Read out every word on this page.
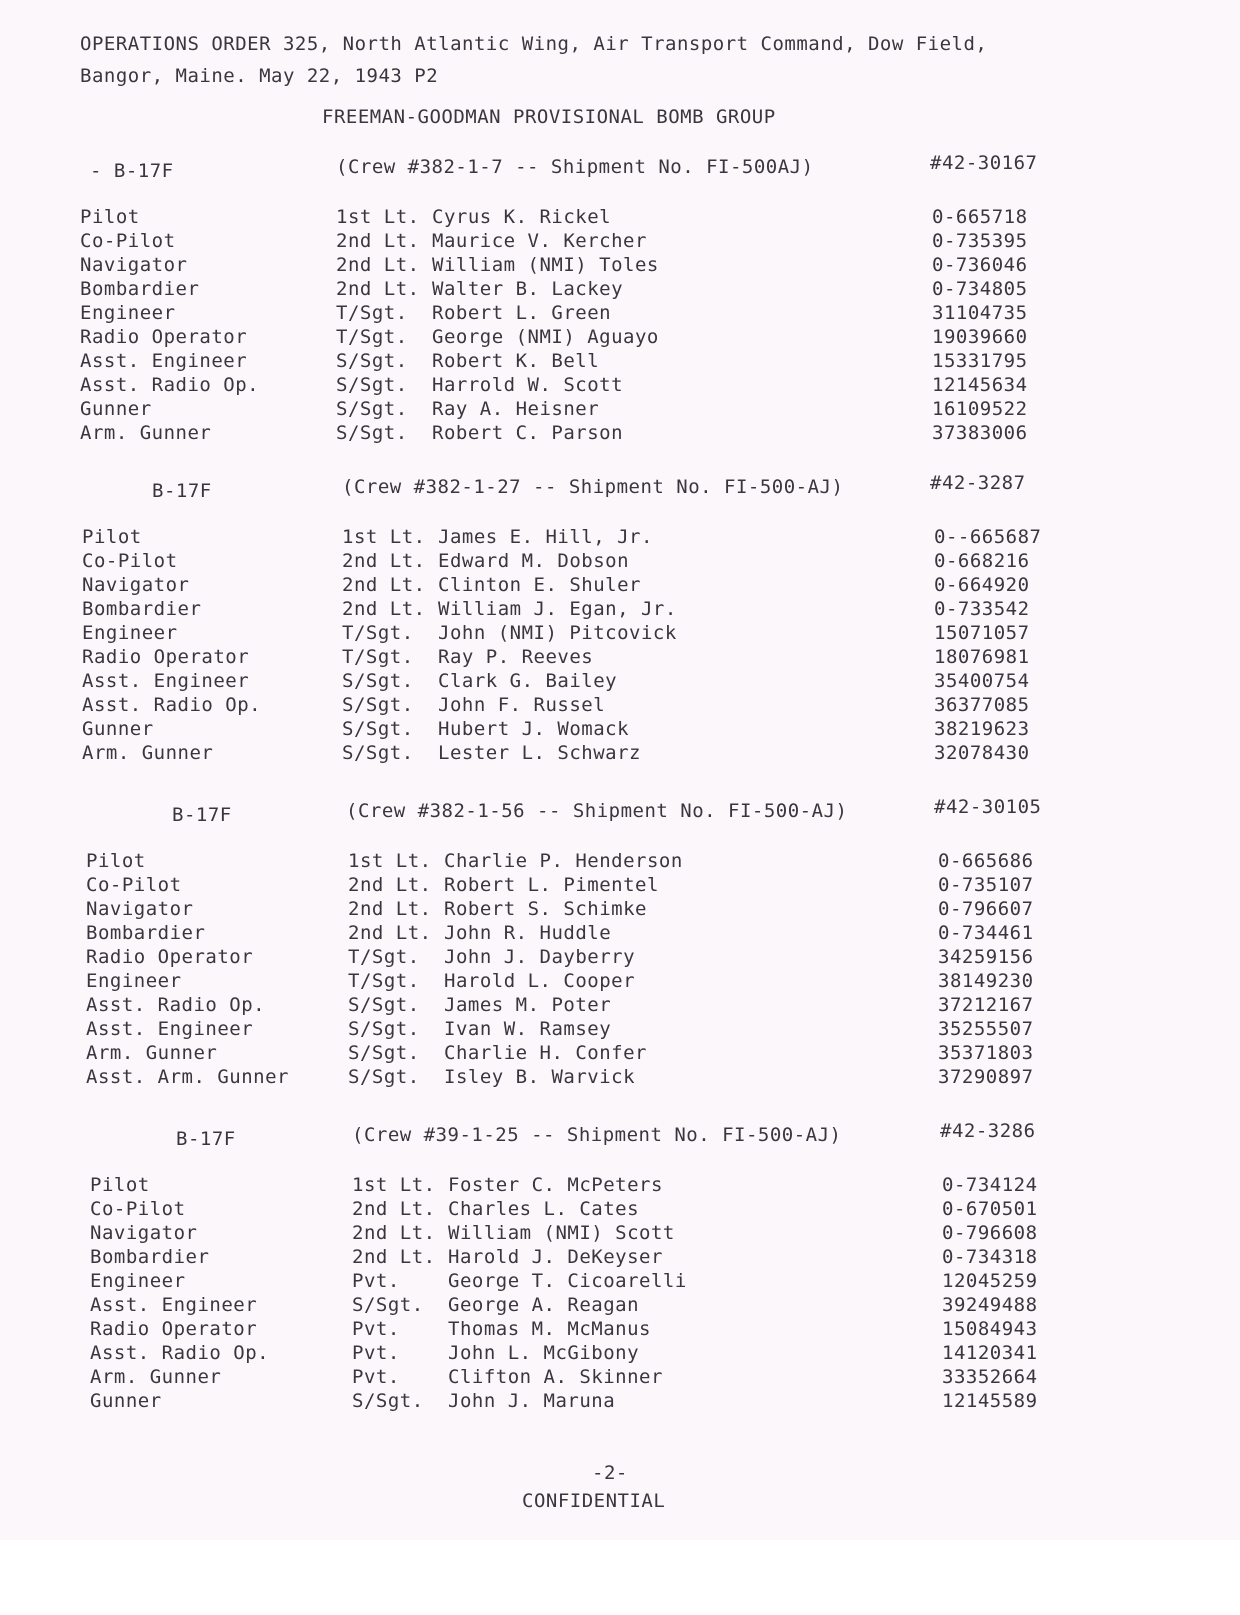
OPERATIONS ORDER 325, North Atlantic Wing, Air Transport Command, Dow Field,
Bangor, Maine. May 22, 1943 P2
FREEMAN-GOODMAN PROVISIONAL BOMB GROUP
- B-17F	(Crew #382-1-7 -- Shipment No. FI-500AJ)	#42-30167
Pilot	1st Lt. Cyrus K. Rickel	0-665718
Co-Pilot	2nd Lt. Maurice V. Kercher	0-735395
Navigator	2nd Lt. William (NMI) Toles	0-736046
Bombardier	2nd Lt. Walter B. Lackey	0-734805
Engineer	T/Sgt. Robert L. Green	31104735
Radio Operator	T/Sgt. George (NMI) Aguayo	19039660
Asst. Engineer	S/Sgt. Robert K. Bell	15331795
Asst. Radio Op.	S/Sgt. Harrold W. Scott	12145634
Gunner	S/Sgt. Ray A. Heisner	16109522
Arm. Gunner	S/Sgt. Robert C. Parson	37383006
B-17F	(Crew #382-1-27 -- Shipment No. FI-500-AJ)	#42-3287
Pilot	1st Lt. James E. Hill, Jr.	0--665687
Co-Pilot	2nd Lt. Edward M. Dobson	0-668216
Navigator	2nd Lt. Clinton E. Shuler	0-664920
Bombardier	2nd Lt. William J. Egan, Jr.	0-733542
Engineer	T/Sgt. John (NMI) Pitcovick	15071057
Radio Operator	T/Sgt. Ray P. Reeves	18076981
Asst. Engineer	S/Sgt. Clark G. Bailey	35400754
Asst. Radio Op.	S/Sgt. John F. Russel	36377085
Gunner	S/Sgt. Hubert J. Womack	38219623
Arm. Gunner	S/Sgt. Lester L. Schwarz	32078430
B-17F	(Crew #382-1-56 -- Shipment No. FI-500-AJ)	#42-30105
Pilot	1st Lt. Charlie P. Henderson	0-665686
Co-Pilot	2nd Lt. Robert L. Pimentel	0-735107
Navigator	2nd Lt. Robert S. Schimke	0-796607
Bombardier	2nd Lt. John R. Huddle	0-734461
Radio Operator	T/Sgt. John J. Dayberry	34259156
Engineer	T/Sgt. Harold L. Cooper	38149230
Asst. Radio Op.	S/Sgt. James M. Poter	37212167
Asst. Engineer	S/Sgt. Ivan W. Ramsey	35255507
Arm. Gunner	S/Sgt. Charlie H. Confer	35371803
Asst. Arm. Gunner	S/Sgt. Isley B. Warvick	37290897
B-17F	(Crew #39-1-25 -- Shipment No. FI-500-AJ)	#42-3286
Pilot	1st Lt. Foster C. McPeters	0-734124
Co-Pilot	2nd Lt. Charles L. Cates	0-670501
Navigator	2nd Lt. William (NMI) Scott	0-796608
Bombardier	2nd Lt. Harold J. DeKeyser	0-734318
Engineer	Pvt.	George T. Cicoarelli	12045259
Asst. Engineer	S/Sgt. George A. Reagan	39249488
Radio Operator	Pvt.	Thomas M. McManus	15084943
Asst. Radio Op.	Pvt.	John L. McGibony	14120341
Arm. Gunner	Pvt.	Clifton A. Skinner	33352664
Gunner	S/Sgt. John J. Maruna	12145589
-2-
CONFIDENTIAL
